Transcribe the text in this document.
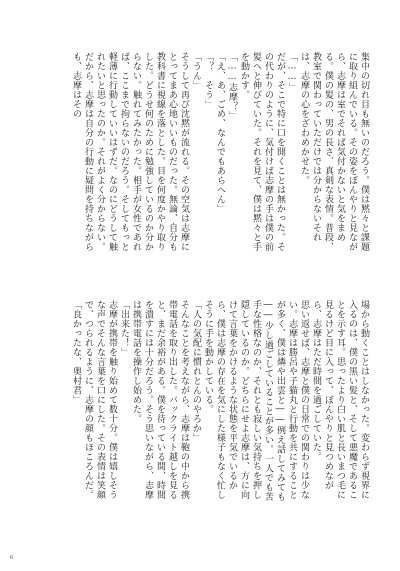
集中の切れ目も無いのだろう。僕は黙々と課題に取り組んでいる。その姿をぼんやりと見ながら、志摩は室でそれば気付かないと気をまめる。僕の髪の、男の長さ、真剣な表情。普段、教室で関わっていただけでは分からないそれは、志摩の心をざわめかせた。
「……」
だが、そこで特に口を開くことは無かった。その代わりのように、気付けば志摩の手は僕の前髪へと伸びていた。それを見て、僕は黙々と手を動かす。
「……志摩？」
「え、あ、ごめ、なんでもあらへん」
「？　そう」
「うん」
そうして再び沈黙が流れる。その空気は志摩にとってまあ心地いいものだった。無論、自分も教科書に視線を落とした。目を何度かやり取りした。どうせ何のために勉強しているのか分からない。触れてみたかった。相手が女性であれば、ここまで拘らないのだろう。そしてもっと軽薄に行動していいはずだ。なのにどうして触れたいと思ったのか。それがよく分からない。だから、志摩は自分の行動に疑問を持ちながらも、志摩はその
場から動くことはしなかった。変わらず視界に入るのは、僕の黒い髪と、そして悪魔であることを示す耳。思ったより白い肌と長いまつ毛に見るけど目に入って、ぼんやりと見つめながら、志摩はただ時間を過ごしていた。
思い返せば、志摩と僕の日常での関わりは少ない。志摩は勝呂や子猫丸と行動を共にすることが多く、僕は燐や出雲と――例え話してみても――少し過ごしていることが多い。一人でも苦手な性格なのか、それとも寂しい気持ちを押し隠しているのか。どちらにせよ志摩は、方に向けて言葉をかけるような状態を平気でいるから、僕は志摩の存在を気にした様子もなく忙しそうに手を動かしている。
「人の気配に慣れとんのやろか」
そんなことを考えながら、志摩は鞄の中から携帯電話を取り出した。バックライト越しを見ると、まだ余裕がある。僕を待っている間、時間を潰すには十分だろう。そう思いながら、志摩は携帯電話を操作し始めた。
「出来た！」
志摩が携帯を触り始めて数十分。僕は嬉しそうな声でそんな言葉を口にした。その表情は笑顔で、つられるように、志摩の顔もほころんだ。
「良かったな、奥村君」
6
